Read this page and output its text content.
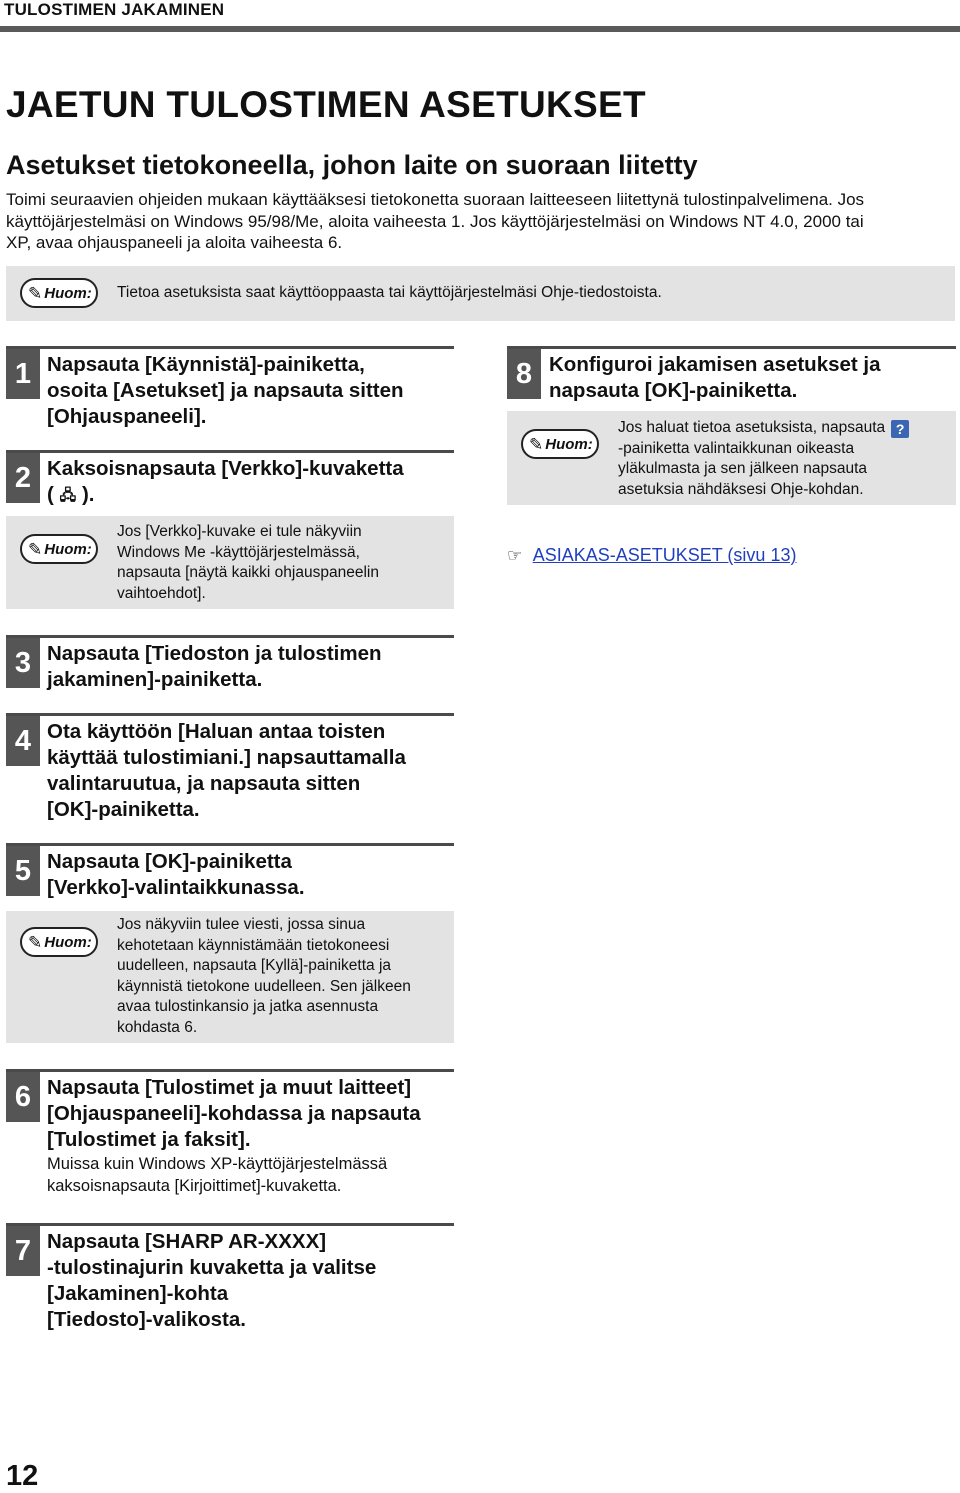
TULOSTIMEN JAKAMINEN
JAETUN TULOSTIMEN ASETUKSET
Asetukset tietokoneella, johon laite on suoraan liitetty
Toimi seuraavien ohjeiden mukaan käyttääksesi tietokonetta suoraan laitteeseen liitettynä tulostinpalvelimena. Jos
käyttöjärjestelmäsi on Windows 95/98/Me, aloita vaiheesta 1. Jos käyttöjärjestelmäsi on Windows NT 4.0, 2000 tai
XP, avaa ohjauspaneeli ja aloita vaiheesta 6.
✎ Huom: Tietoa asetuksista saat käyttöoppaasta tai käyttöjärjestelmäsi Ohje-tiedostoista.
1 Napsauta [Käynnistä]-painiketta,
osoita [Asetukset] ja napsauta sitten
[Ohjauspaneeli].
2 Kaksoisnapsauta [Verkko]-kuvaketta
( 🖧 ).
✎ Huom:
Jos [Verkko]-kuvake ei tule näkyviin
Windows Me -käyttöjärjestelmässä,
napsauta [näytä kaikki ohjauspaneelin
vaihtoehdot].
3 Napsauta [Tiedoston ja tulostimen
jakaminen]-painiketta.
4 Ota käyttöön [Haluan antaa toisten
käyttää tulostimiani.] napsauttamalla
valintaruutua, ja napsauta sitten
[OK]-painiketta.
5 Napsauta [OK]-painiketta
[Verkko]-valintaikkunassa.
✎ Huom:
Jos näkyviin tulee viesti, jossa sinua
kehotetaan käynnistämään tietokoneesi
uudelleen, napsauta [Kyllä]-painiketta ja
käynnistä tietokone uudelleen. Sen jälkeen
avaa tulostinkansio ja jatka asennusta
kohdasta 6.
6 Napsauta [Tulostimet ja muut laitteet]
[Ohjauspaneeli]-kohdassa ja napsauta
[Tulostimet ja faksit].
Muissa kuin Windows XP-käyttöjärjestelmässä
kaksoisnapsauta [Kirjoittimet]-kuvaketta.
7 Napsauta [SHARP AR-XXXX]
-tulostinajurin kuvaketta ja valitse
[Jakaminen]-kohta
[Tiedosto]-valikosta.
8 Konfiguroi jakamisen asetukset ja
napsauta [OK]-painiketta.
✎ Huom:
Jos haluat tietoa asetuksista, napsauta ?
-painiketta valintaikkunan oikeasta
yläkulmasta ja sen jälkeen napsauta
asetuksia nähdäksesi Ohje-kohdan.
☞ ASIAKAS-ASETUKSET (sivu 13)
12
